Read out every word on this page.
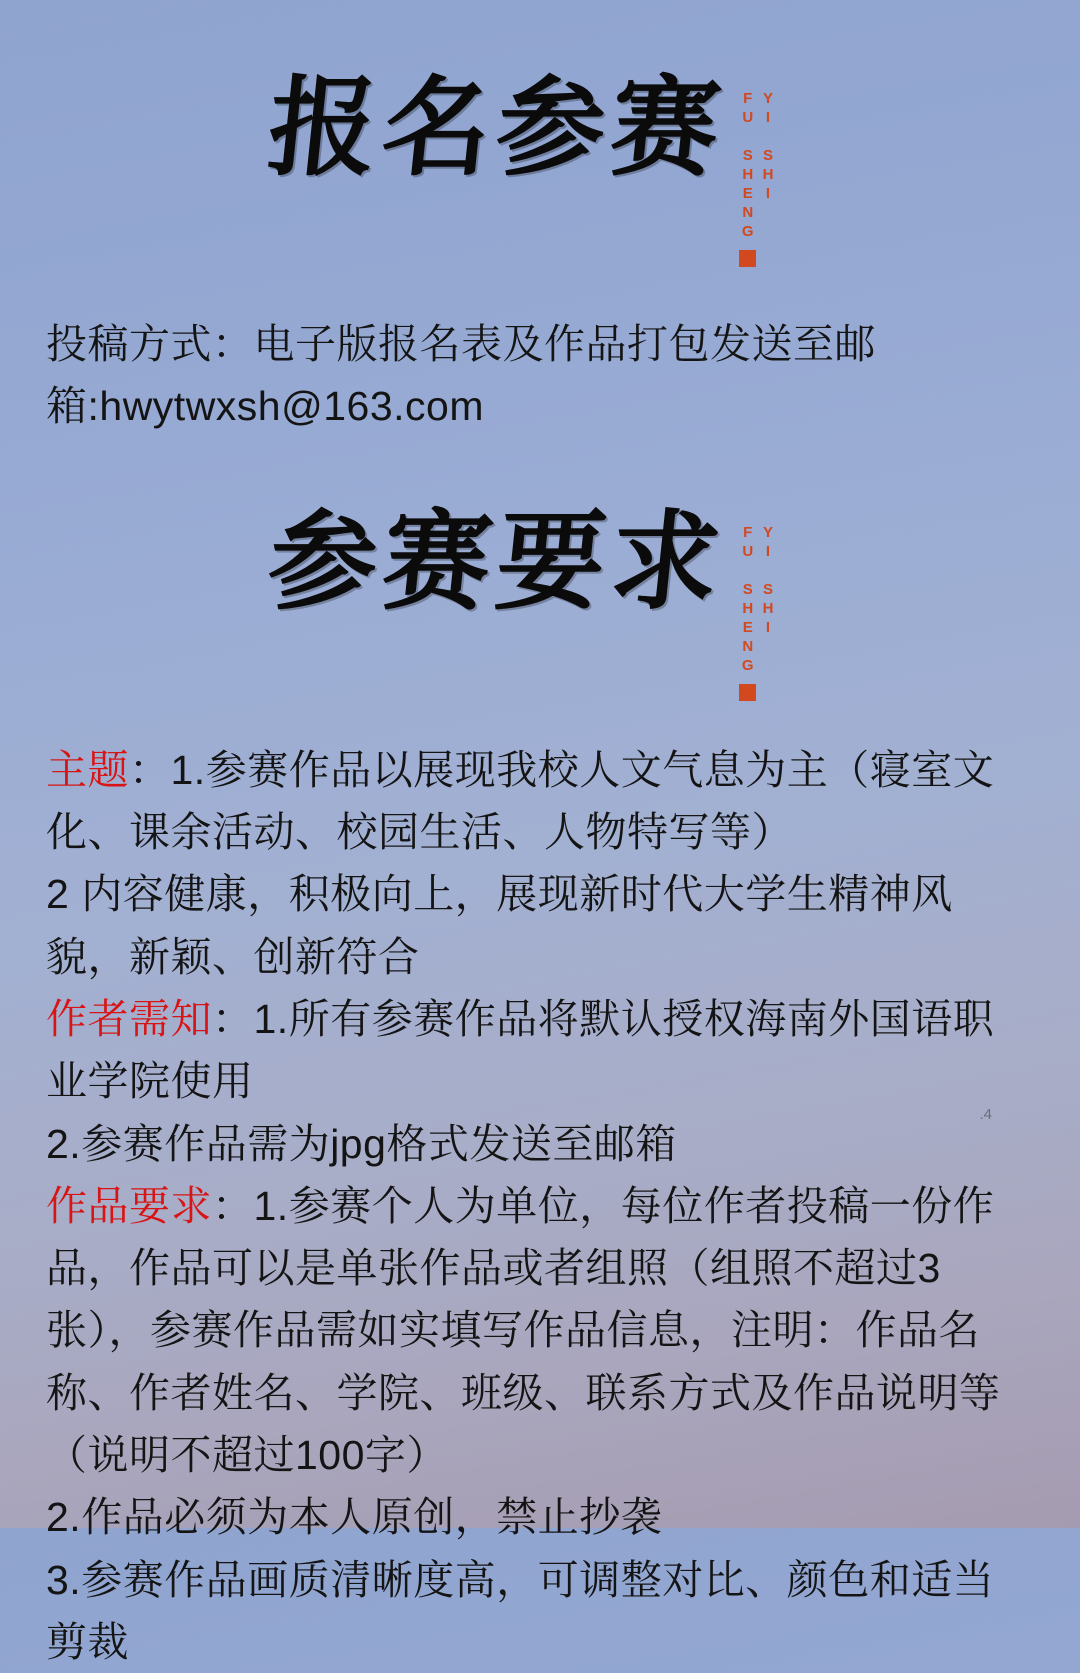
报名参赛 FU SHENG YI SHI

投稿方式：电子版报名表及作品打包发送至邮箱:hwytwxsh@163.com

参赛要求 FU SHENG YI SHI

主题：1.参赛作品以展现我校人文气息为主（寝室文化、课余活动、校园生活、人物特写等）

2 内容健康，积极向上，展现新时代大学生精神风貌，新颖、创新符合

作者需知：1.所有参赛作品将默认授权海南外国语职业学院使用

2.参赛作品需为jpg格式发送至邮箱

作品要求：1.参赛个人为单位，每位作者投稿一份作品，作品可以是单张作品或者组照（组照不超过3张），参赛作品需如实填写作品信息，注明：作品名称、作者姓名、学院、班级、联系方式及作品说明等（说明不超过100字）

2.作品必须为本人原创，禁止抄袭

3.参赛作品画质清晰度高，可调整对比、颜色和适当剪裁

.4
